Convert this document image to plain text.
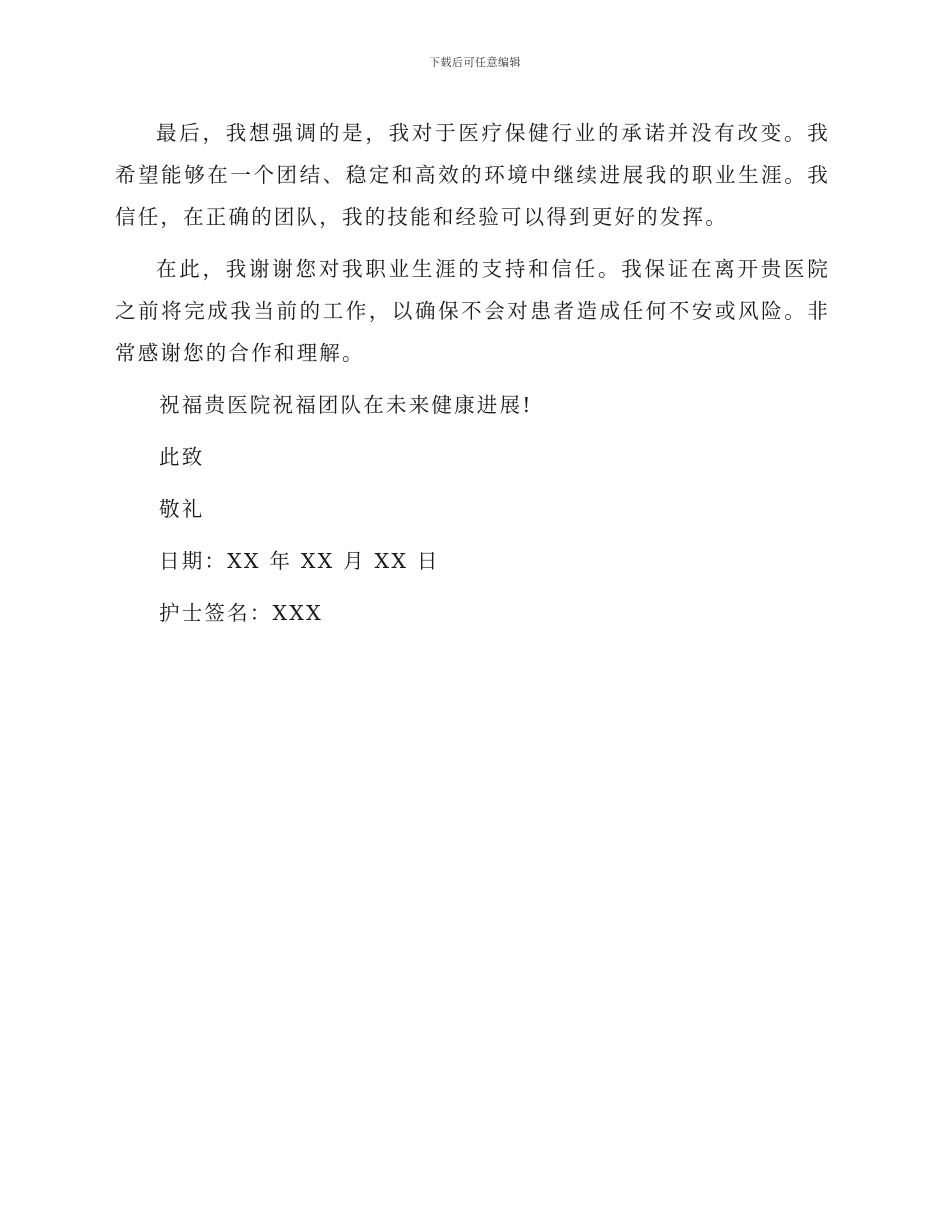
下载后可任意编辑

最后，我想强调的是，我对于医疗保健行业的承诺并没有改变。我希望能够在一个团结、稳定和高效的环境中继续进展我的职业生涯。我信任，在正确的团队，我的技能和经验可以得到更好的发挥。

在此，我谢谢您对我职业生涯的支持和信任。我保证在离开贵医院之前将完成我当前的工作，以确保不会对患者造成任何不安或风险。非常感谢您的合作和理解。

祝福贵医院祝福团队在未来健康进展!
此致
敬礼
日期：XX 年 XX 月 XX 日
护士签名：XXX
